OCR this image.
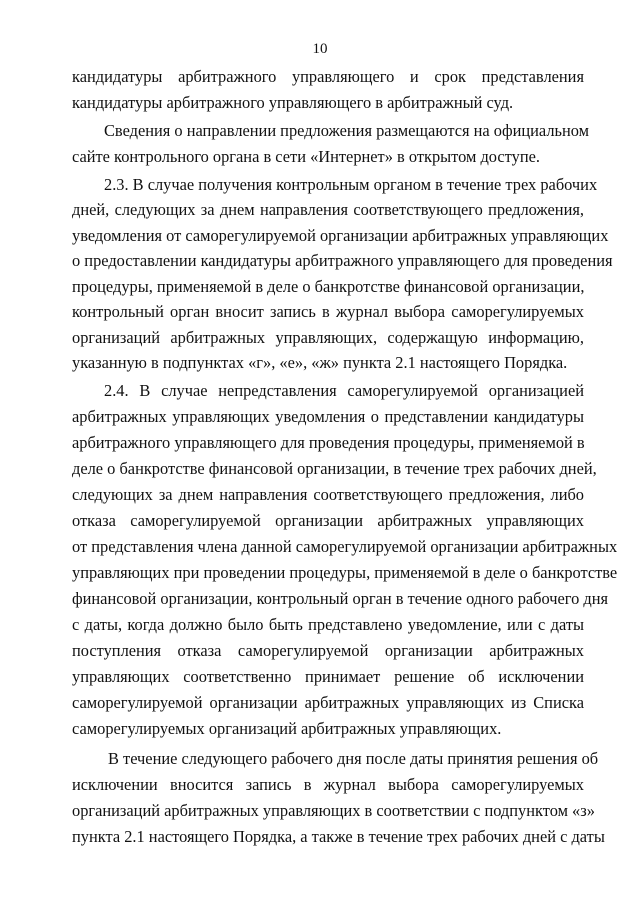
10
кандидатуры арбитражного управляющего и срок представления
кандидатуры арбитражного управляющего в арбитражный суд.
Сведения о направлении предложения размещаются на официальном
сайте контрольного органа в сети «Интернет» в открытом доступе.
2.3. В случае получения контрольным органом в течение трех рабочих
дней, следующих за днем направления соответствующего предложения,
уведомления от саморегулируемой организации арбитражных управляющих
о предоставлении кандидатуры арбитражного управляющего для проведения
процедуры, применяемой в деле о банкротстве финансовой организации,
контрольный орган вносит запись в журнал выбора саморегулируемых
организаций арбитражных управляющих, содержащую информацию,
указанную в подпунктах «г», «е», «ж» пункта 2.1 настоящего Порядка.
2.4. В случае непредставления саморегулируемой организацией
арбитражных управляющих уведомления о представлении кандидатуры
арбитражного управляющего для проведения процедуры, применяемой в
деле о банкротстве финансовой организации, в течение трех рабочих дней,
следующих за днем направления соответствующего предложения, либо
отказа саморегулируемой организации арбитражных управляющих
от представления члена данной саморегулируемой организации арбитражных
управляющих при проведении процедуры, применяемой в деле о банкротстве
финансовой организации, контрольный орган в течение одного рабочего дня
с даты, когда должно было быть представлено уведомление, или с даты
поступления отказа саморегулируемой организации арбитражных
управляющих соответственно принимает решение об исключении
саморегулируемой организации арбитражных управляющих из Списка
саморегулируемых организаций арбитражных управляющих.
В течение следующего рабочего дня после даты принятия решения об
исключении вносится запись в журнал выбора саморегулируемых
организаций арбитражных управляющих в соответствии с подпунктом «з»
пункта 2.1 настоящего Порядка, а также в течение трех рабочих дней с даты
